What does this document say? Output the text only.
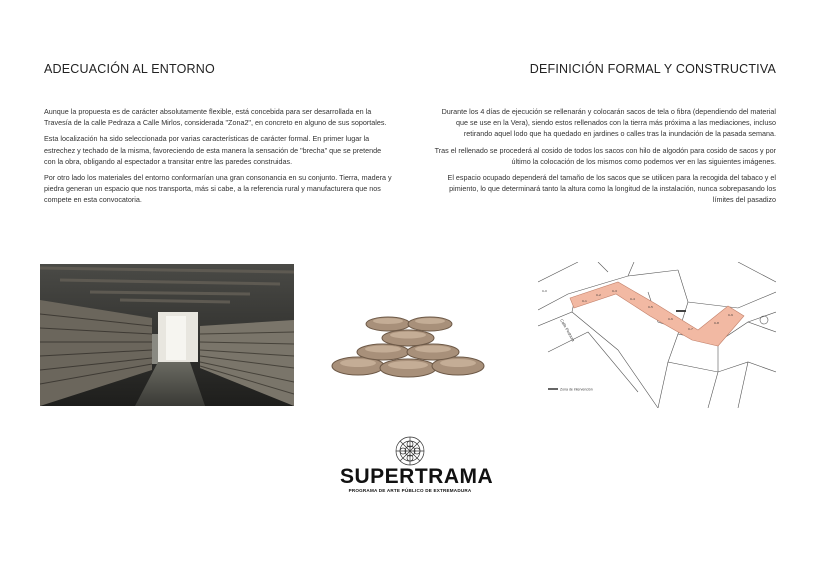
ADECUACIÓN AL ENTORNO	DEFINICIÓN FORMAL Y CONSTRUCTIVA

Aunque la propuesta es de carácter absolutamente flexible, está concebida para ser desarrollada en la Travesía de la calle Pedraza a Calle Mirlos, considerada "Zona2", en concreto en alguno de sus soportales.

Esta localización ha sido seleccionada por varias características de carácter formal. En primer lugar la estrechez y techado de la misma, favoreciendo de esta manera la sensación de "brecha" que se pretende con la obra, obligando al espectador a transitar entre las paredes construidas.

Por otro lado los materiales del entorno conformarían una gran consonancia en su conjunto. Tierra, madera y piedra generan un espacio que nos transporta, más si cabe, a la referencia rural y manufacturera que nos compete en esta convocatoria.

Durante los 4 días de ejecución se rellenarán y colocarán sacos de tela o fibra (dependiendo del material que se use en la Vera), siendo estos rellenados con la tierra más próxima a las mediaciones, incluso retirando aquel lodo que ha quedado en jardines o calles tras la inundación de la pasada semana.

Tras el rellenado se procederá al cosido de todos los sacos con hilo de algodón para cosido de sacos y por último la colocación de los mismos como podemos ver en las siguientes imágenes.

El espacio ocupado dependerá del tamaño de los sacos que se utilicen para la recogida del tabaco y el pimiento, lo que determinará tanto la altura como la longitud de la instalación, nunca sobrepasando los límites del pasadizo

C-1
C-2
C-3
C-4
C-5
C-6
C-7
C-8
C-9
C-0
Calle Pedraza
Zona de intervención
SUPERTRAMA
PROGRAMA DE ARTE PÚBLICO DE EXTREMADURA
